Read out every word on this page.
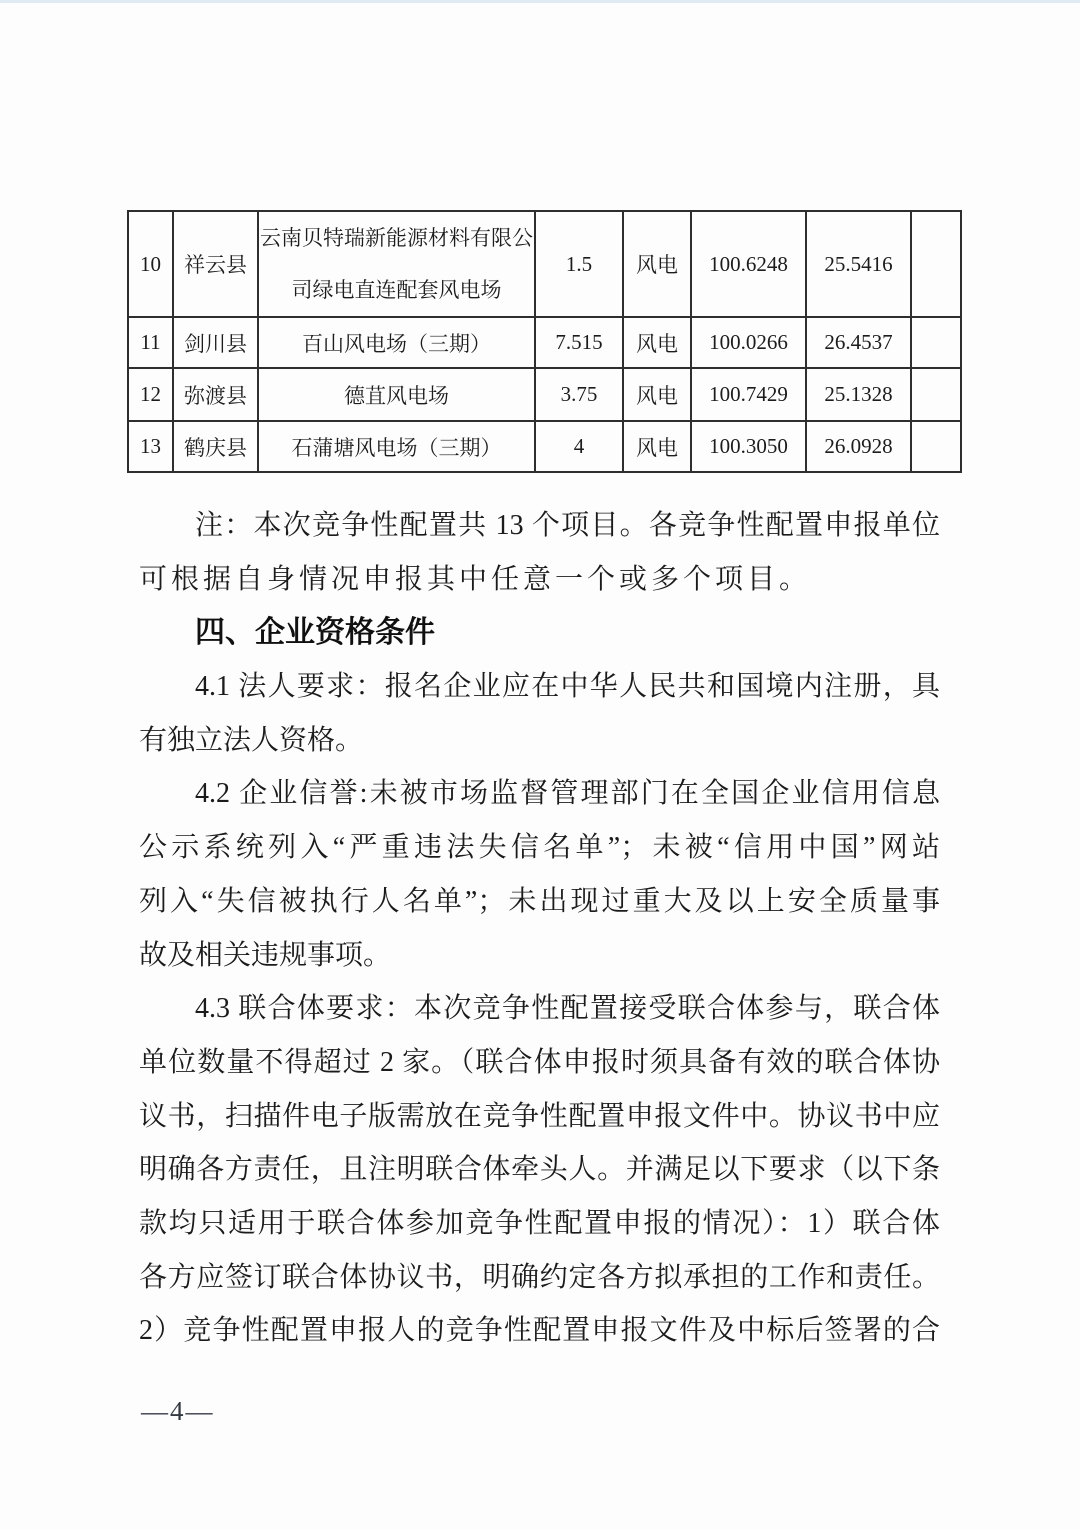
10	祥云县	云南贝特瑞新能源材料有限公
司绿电直连配套风电场	1.5	风电	100.6248	25.5416	
11	剑川县	百山风电场（三期）	7.515	风电	100.0266	26.4537	
12	弥渡县	德苴风电场	3.75	风电	100.7429	25.1328	
13	鹤庆县	石蒲塘风电场（三期）	4	风电	100.3050	26.0928	
注：本次竞争性配置共 13 个项目。各竞争性配置申报单位
可根据自身情况申报其中任意一个或多个项目。
四、企业资格条件
4.1 法人要求：报名企业应在中华人民共和国境内注册，具
有独立法人资格。
4.2 企业信誉:未被市场监督管理部门在全国企业信用信息
公示系统列入“严重违法失信名单”；未被“信用中国”网站
列入“失信被执行人名单”；未出现过重大及以上安全质量事
故及相关违规事项。
4.3 联合体要求：本次竞争性配置接受联合体参与，联合体
单位数量不得超过 2 家。（联合体申报时须具备有效的联合体协
议书，扫描件电子版需放在竞争性配置申报文件中。协议书中应
明确各方责任，且注明联合体牵头人。并满足以下要求（以下条
款均只适用于联合体参加竞争性配置申报的情况）：1）联合体
各方应签订联合体协议书，明确约定各方拟承担的工作和责任。
2）竞争性配置申报人的竞争性配置申报文件及中标后签署的合
—4—
